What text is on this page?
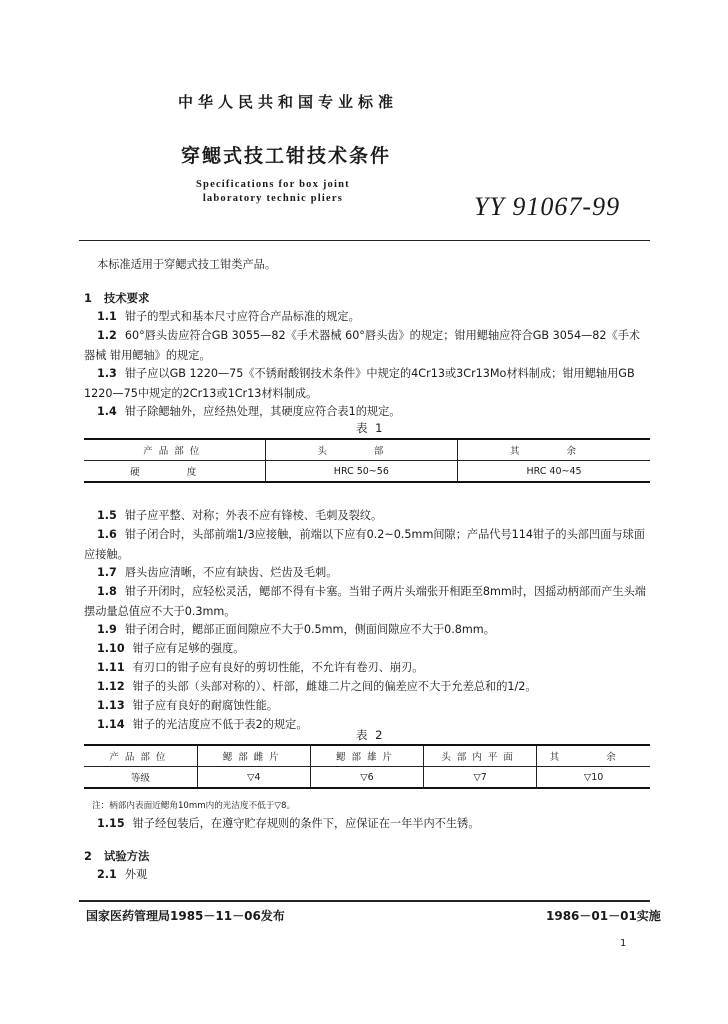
中华人民共和国专业标准
穿鳃式技工钳技术条件
Specifications for box joint
laboratory technic pliers	YY 91067-99
本标准适用于穿鳃式技工钳类产品。
1 技术要求
1.1 钳子的型式和基本尺寸应符合产品标准的规定。
1.2 60°唇头齿应符合GB 3055—82《手术器械 60°唇头齿》的规定；钳用鳃轴应符合GB 3054—82《手术器械 钳用鳃轴》的规定。
1.3 钳子应以GB 1220—75《不锈耐酸钢技术条件》中规定的4Cr13或3Cr13Mo材料制成；钳用鳃轴用GB 1220—75中规定的2Cr13或1Cr13材料制成。
1.4 钳子除鳃轴外，应经热处理，其硬度应符合表1的规定。
表 1
产品部位	头 部	其 余
硬 度	HRC 50~56	HRC 40~45
1.5 钳子应平整、对称；外表不应有锋棱、毛刺及裂纹。
1.6 钳子闭合时，头部前端1/3应接触，前端以下应有0.2~0.5mm间隙；产品代号114钳子的头部凹面与球面应接触。
1.7 唇头齿应清晰，不应有缺齿、烂齿及毛刺。
1.8 钳子开闭时，应轻松灵活，鳃部不得有卡塞。当钳子两片头端张开相距至8mm时，因摇动柄部而产生头端摆动量总值应不大于0.3mm。
1.9 钳子闭合时，鳃部正面间隙应不大于0.5mm，侧面间隙应不大于0.8mm。
1.10 钳子应有足够的强度。
1.11 有刃口的钳子应有良好的剪切性能，不允许有卷刃、崩刃。
1.12 钳子的头部（头部对称的）、杆部，雌雄二片之间的偏差应不大于允差总和的1/2。
1.13 钳子应有良好的耐腐蚀性能。
1.14 钳子的光洁度应不低于表2的规定。
表 2
产品部位	鳃部雌片	鳃部雄片	头部内平面	其 余
等级	▽4	▽6	▽7	▽10
注：柄部内表面近鳃角10mm内的光洁度不低于▽8。
1.15 钳子经包装后，在遵守贮存规则的条件下，应保证在一年半内不生锈。
2 试验方法
2.1 外观
国家医药管理局1985－11－06发布	1986－01－01实施
1
